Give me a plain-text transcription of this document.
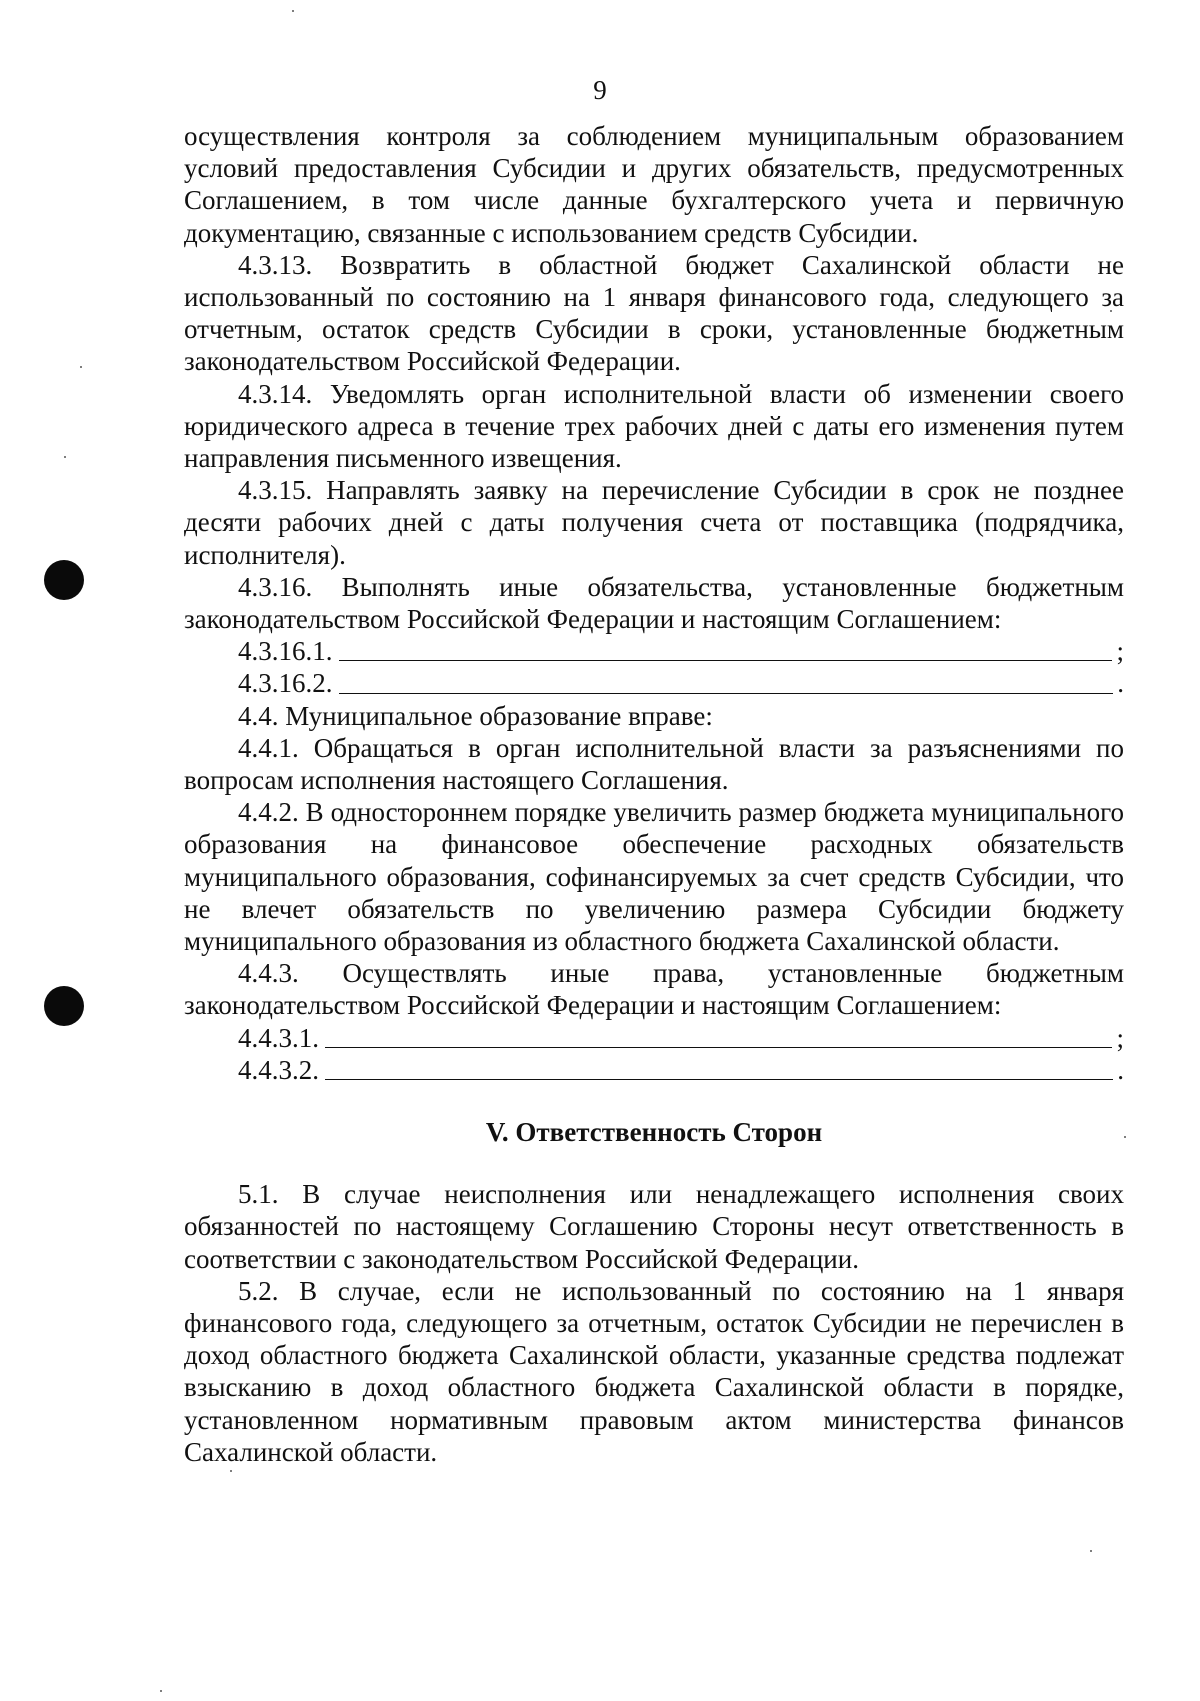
9

осуществления контроля за соблюдением муниципальным образованием условий предоставления Субсидии и других обязательств, предусмотренных Соглашением, в том числе данные бухгалтерского учета и первичную документацию, связанные с использованием средств Субсидии.

4.3.13. Возвратить в областной бюджет Сахалинской области не использованный по состоянию на 1 января финансового года, следующего за отчетным, остаток средств Субсидии в сроки, установленные бюджетным законодательством Российской Федерации.

4.3.14. Уведомлять орган исполнительной власти об изменении своего юридического адреса в течение трех рабочих дней с даты его изменения путем направления письменного извещения.

4.3.15. Направлять заявку на перечисление Субсидии в срок не позднее десяти рабочих дней с даты получения счета от поставщика (подрядчика, исполнителя).

4.3.16. Выполнять иные обязательства, установленные бюджетным законодательством Российской Федерации и настоящим Соглашением:

4.3.16.1.	;
4.3.16.2.	.

4.4. Муниципальное образование вправе:

4.4.1. Обращаться в орган исполнительной власти за разъяснениями по вопросам исполнения настоящего Соглашения.

4.4.2. В одностороннем порядке увеличить размер бюджета муниципального образования на финансовое обеспечение расходных обязательств муниципального образования, софинансируемых за счет средств Субсидии, что не влечет обязательств по увеличению размера Субсидии бюджету муниципального образования из областного бюджета Сахалинской области.

4.4.3. Осуществлять иные права, установленные бюджетным законодательством Российской Федерации и настоящим Соглашением:

4.4.3.1.	;
4.4.3.2.	.

V. Ответственность Сторон

5.1. В случае неисполнения или ненадлежащего исполнения своих обязанностей по настоящему Соглашению Стороны несут ответственность в соответствии с законодательством Российской Федерации.

5.2. В случае, если не использованный по состоянию на 1 января финансового года, следующего за отчетным, остаток Субсидии не перечислен в доход областного бюджета Сахалинской области, указанные средства подлежат взысканию в доход областного бюджета Сахалинской области в порядке, установленном нормативным правовым актом министерства финансов Сахалинской области.
